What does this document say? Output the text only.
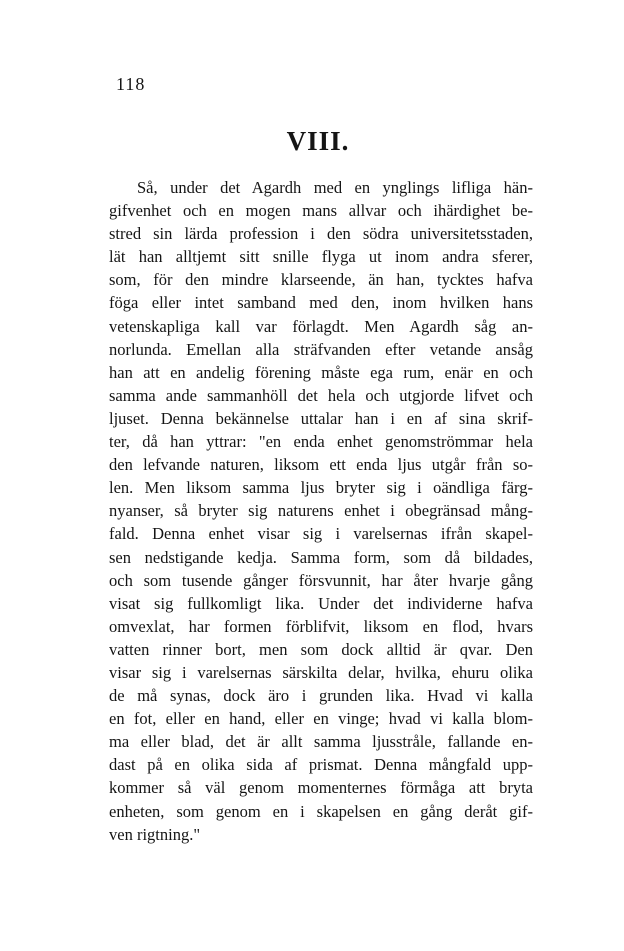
118
VIII.
Så, under det Agardh med en ynglings lifliga hän-
gifvenhet och en mogen mans allvar och ihärdighet be-
stred sin lärda profession i den södra universitetsstaden,
lät han alltjemt sitt snille flyga ut inom andra sferer,
som, för den mindre klarseende, än han, tycktes hafva
föga eller intet samband med den, inom hvilken hans
vetenskapliga kall var förlagdt. Men Agardh såg an-
norlunda. Emellan alla sträfvanden efter vetande ansåg
han att en andelig förening måste ega rum, enär en och
samma ande sammanhöll det hela och utgjorde lifvet och
ljuset. Denna bekännelse uttalar han i en af sina skrif-
ter, då han yttrar: "en enda enhet genomströmmar hela
den lefvande naturen, liksom ett enda ljus utgår från so-
len. Men liksom samma ljus bryter sig i oändliga färg-
nyanser, så bryter sig naturens enhet i obegränsad mång-
fald. Denna enhet visar sig i varelsernas ifrån skapel-
sen nedstigande kedja. Samma form, som då bildades,
och som tusende gånger försvunnit, har åter hvarje gång
visat sig fullkomligt lika. Under det individerne hafva
omvexlat, har formen förblifvit, liksom en flod, hvars
vatten rinner bort, men som dock alltid är qvar. Den
visar sig i varelsernas särskilta delar, hvilka, ehuru olika
de må synas, dock äro i grunden lika. Hvad vi kalla
en fot, eller en hand, eller en vinge; hvad vi kalla blom-
ma eller blad, det är allt samma ljusstråle, fallande en-
dast på en olika sida af prismat. Denna mångfald upp-
kommer så väl genom momenternes förmåga att bryta
enheten, som genom en i skapelsen en gång deråt gif-
ven rigtning."
